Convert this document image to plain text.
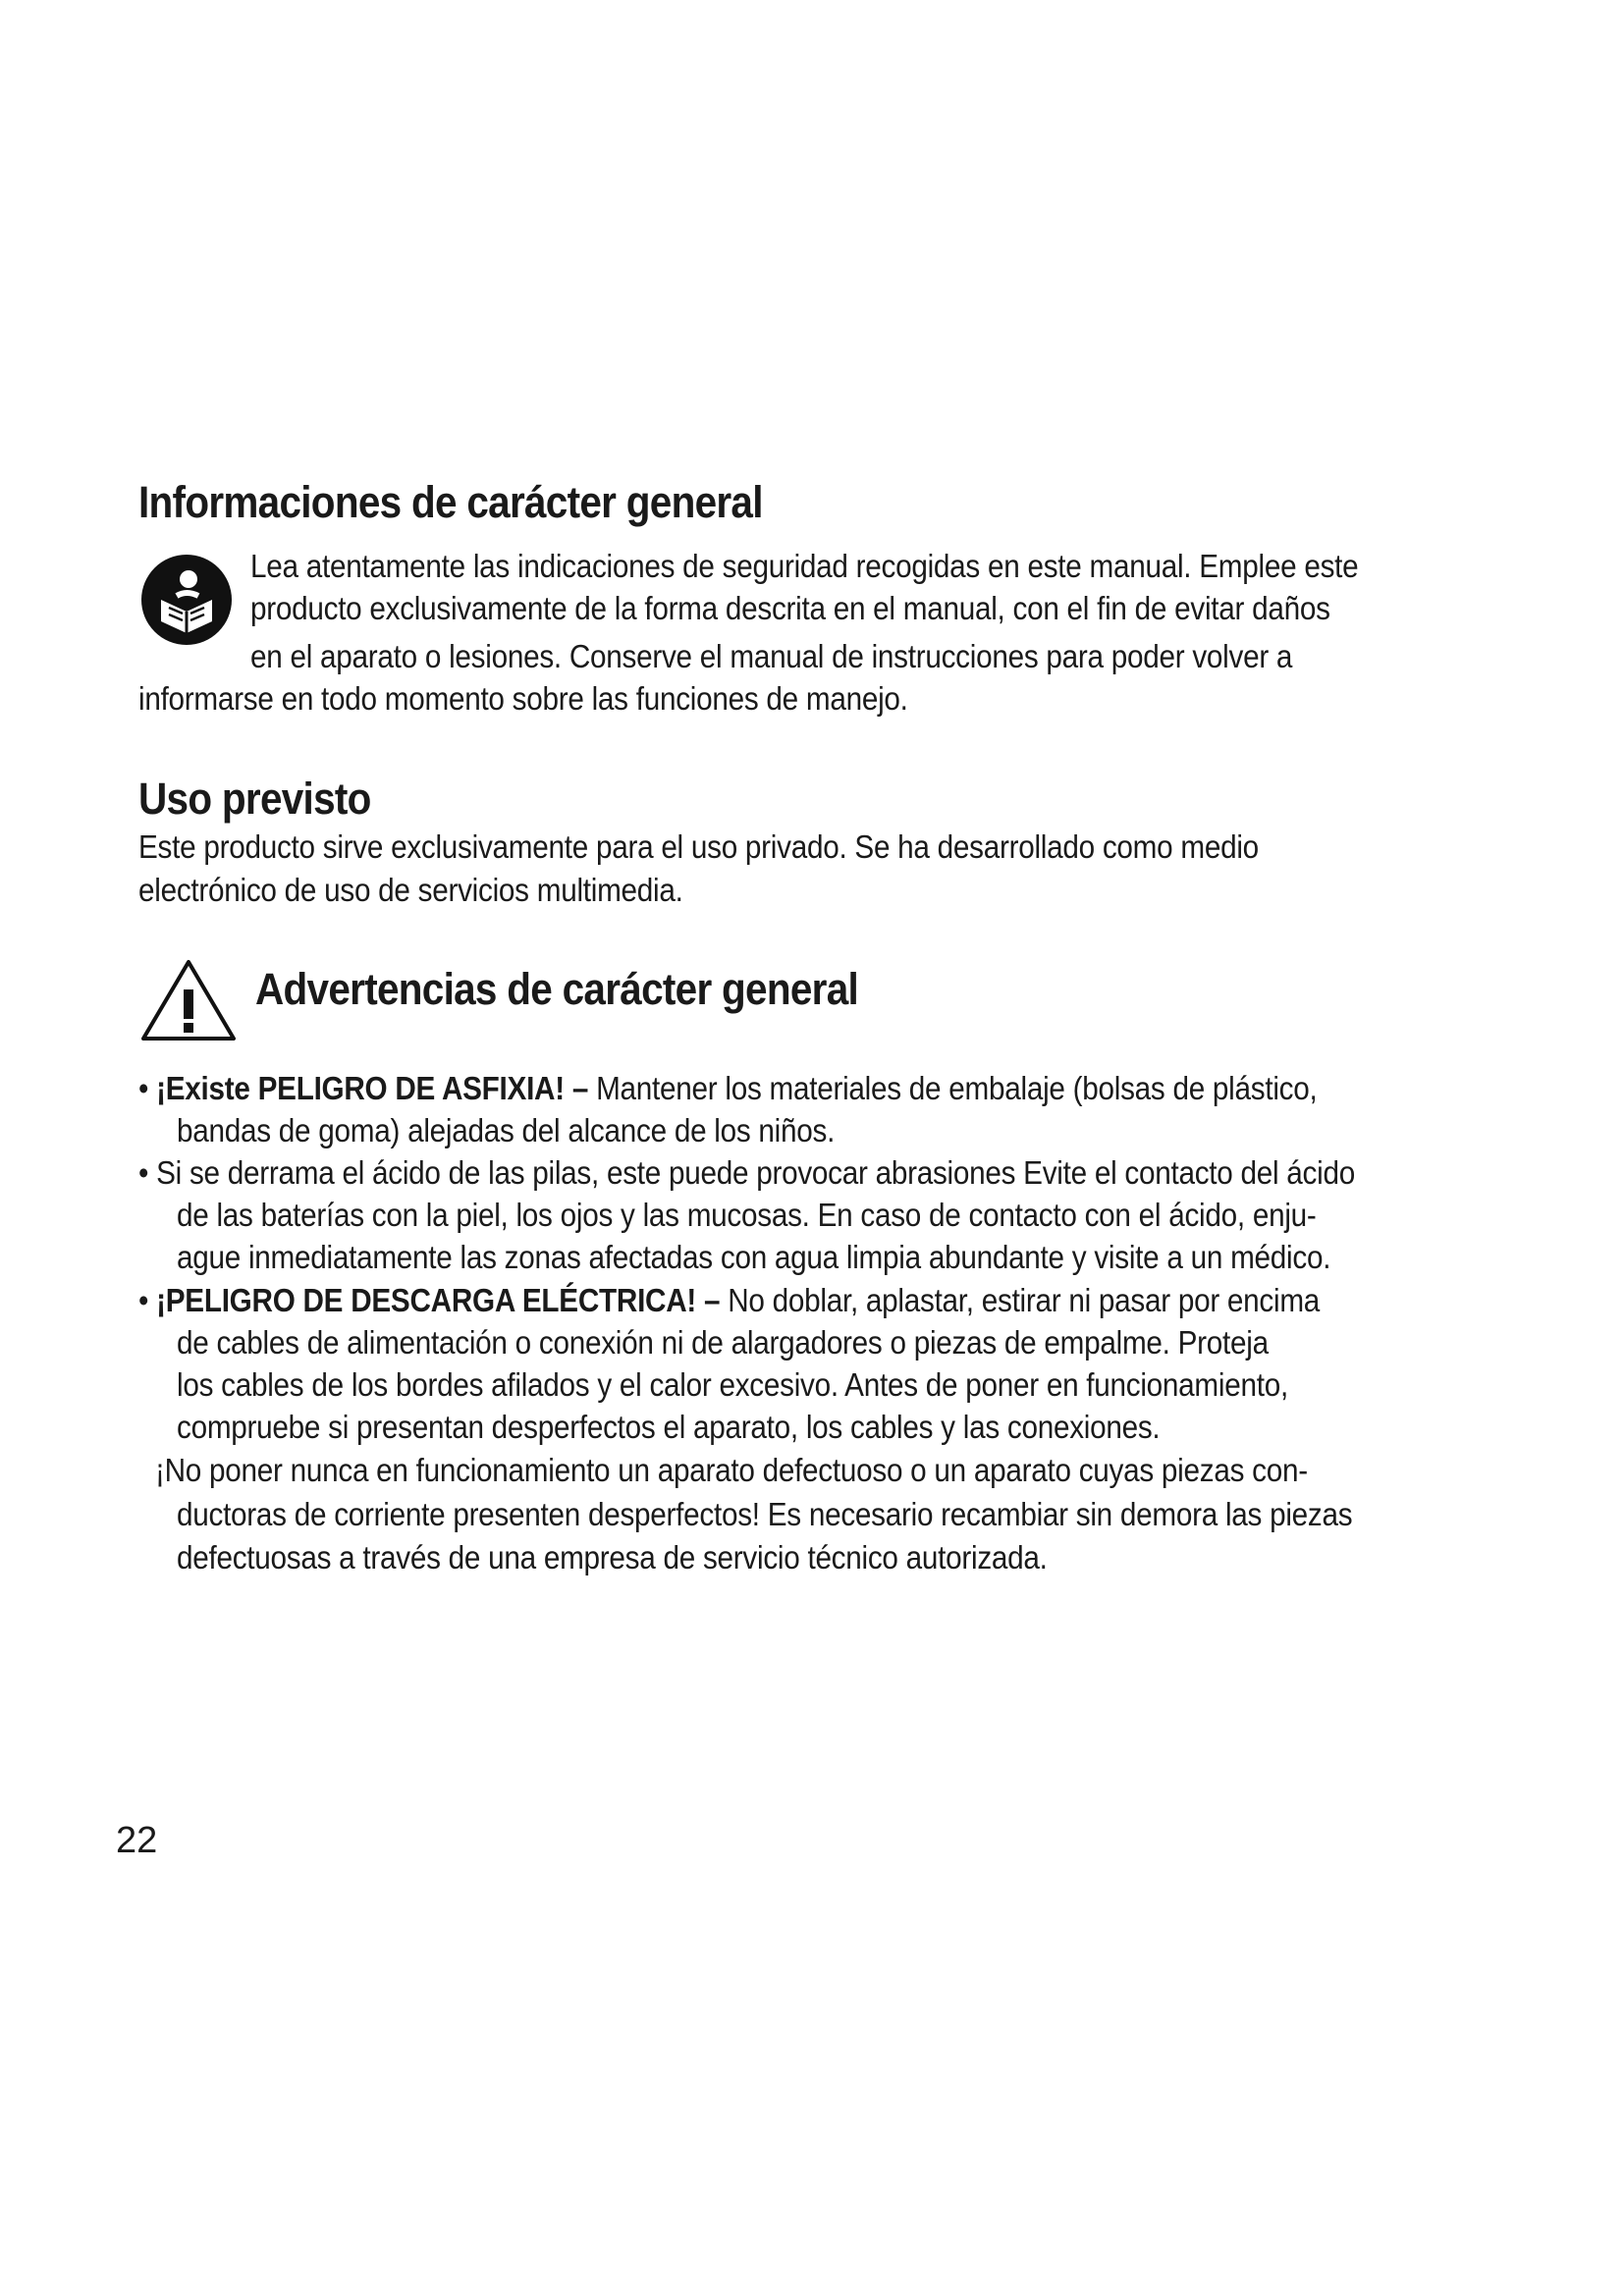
Informaciones de carácter general

Lea atentamente las indicaciones de seguridad recogidas en este manual. Emplee este

producto exclusivamente de la forma descrita en el manual, con el fin de evitar daños

en el aparato o lesiones. Conserve el manual de instrucciones para poder volver a

informarse en todo momento sobre las funciones de manejo.

Uso previsto

Este producto sirve exclusivamente para el uso privado. Se ha desarrollado como medio

electrónico de uso de servicios multimedia.

Advertencias de carácter general

• ¡Existe PELIGRO DE ASFIXIA! – Mantener los materiales de embalaje (bolsas de plástico,

bandas de goma) alejadas del alcance de los niños.

• Si se derrama el ácido de las pilas, este puede provocar abrasiones Evite el contacto del ácido

de las baterías con la piel, los ojos y las mucosas. En caso de contacto con el ácido, enju-

ague inmediatamente las zonas afectadas con agua limpia abundante y visite a un médico.

• ¡PELIGRO DE DESCARGA ELÉCTRICA! – No doblar, aplastar, estirar ni pasar por encima

de cables de alimentación o conexión ni de alargadores o piezas de empalme. Proteja

los cables de los bordes afilados y el calor excesivo. Antes de poner en funcionamiento,

compruebe si presentan desperfectos el aparato, los cables y las conexiones.

¡No poner nunca en funcionamiento un aparato defectuoso o un aparato cuyas piezas con-

ductoras de corriente presenten desperfectos! Es necesario recambiar sin demora las piezas

defectuosas a través de una empresa de servicio técnico autorizada.

22
